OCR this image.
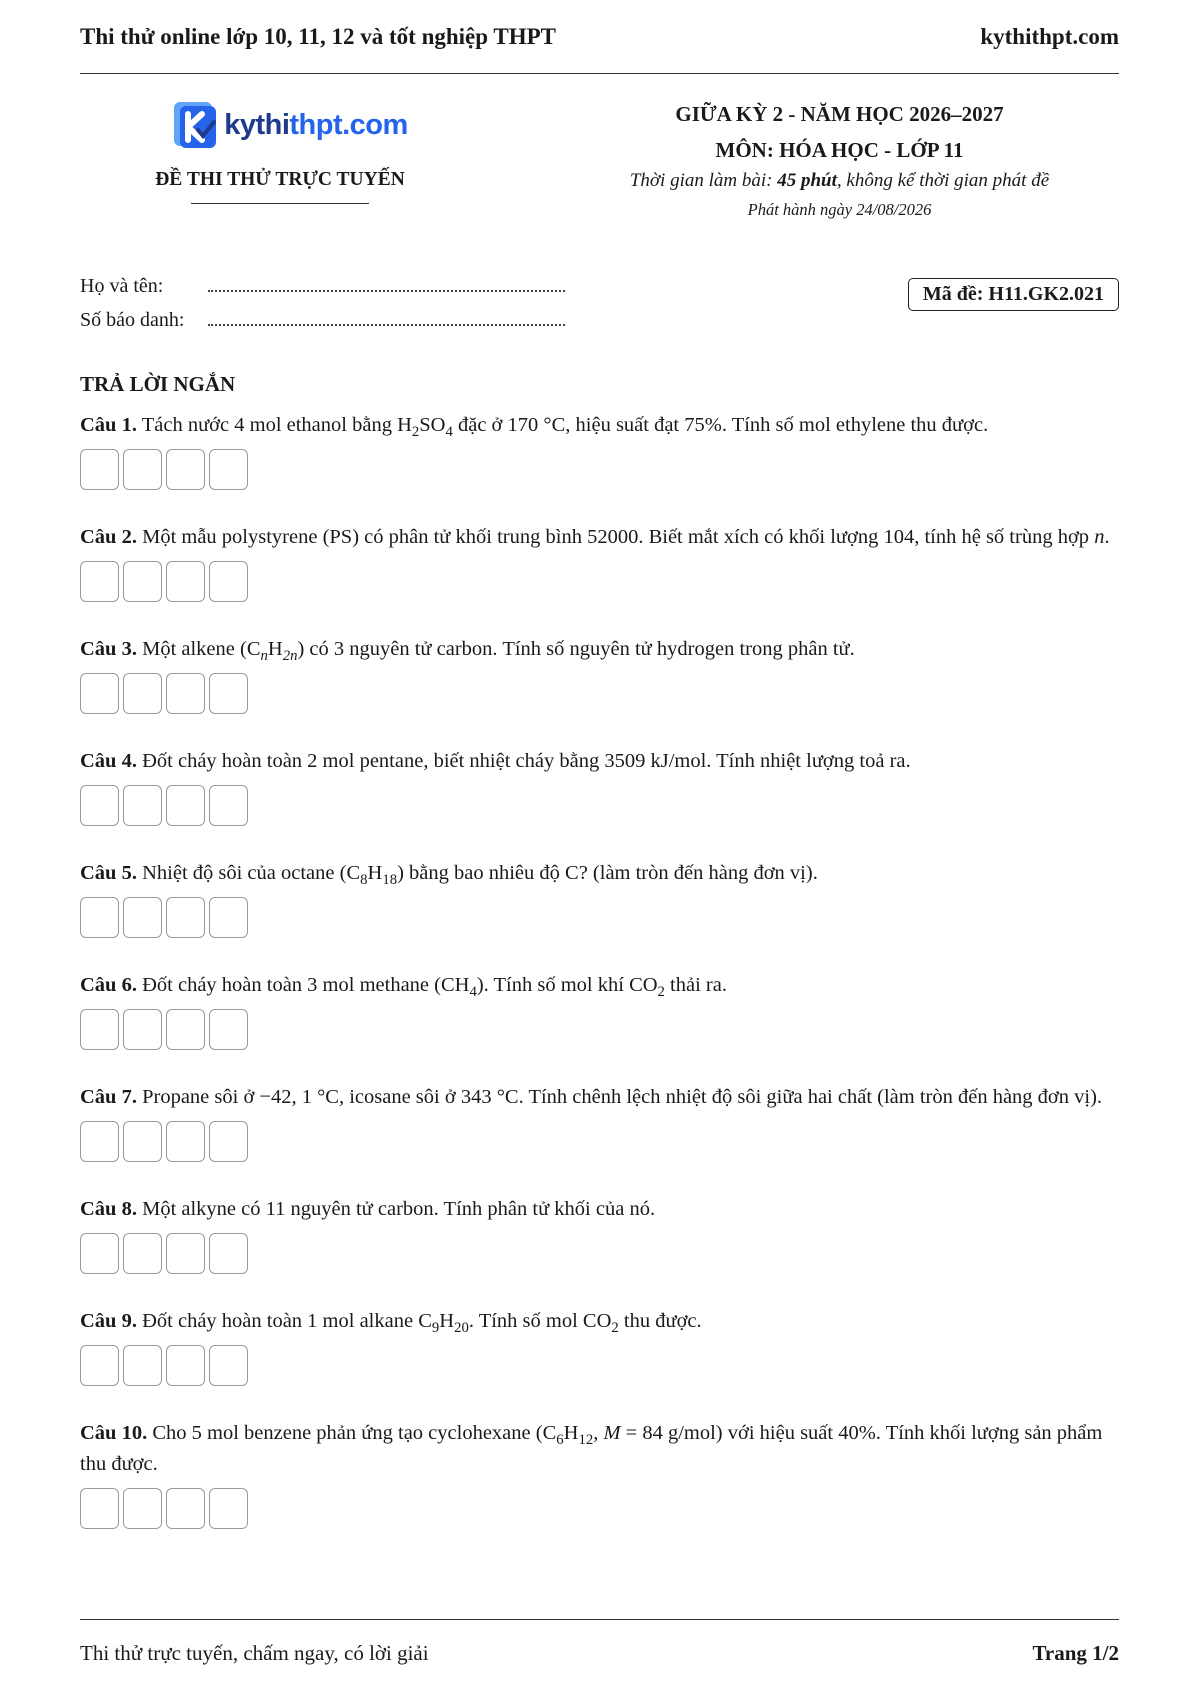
Thi thử online lớp 10, 11, 12 và tốt nghiệp THPT	kythithpt.com
kythithpt.com
ĐỀ THI THỬ TRỰC TUYẾN
GIỮA KỲ 2 - NĂM HỌC 2026–2027
MÔN: HÓA HỌC - LỚP 11
Thời gian làm bài: 45 phút, không kể thời gian phát đề
Phát hành ngày 24/08/2026
Họ và tên:
Số báo danh:
Mã đề: H11.GK2.021
TRẢ LỜI NGẮN
Câu 1. Tách nước 4 mol ethanol bằng $H_2SO_4$ đặc ở 170 °C, hiệu suất đạt 75%. Tính số mol ethylene thu được.
Câu 2. Một mẫu polystyrene (PS) có phân tử khối trung bình 52000. Biết mắt xích có khối lượng 104, tính hệ số trùng hợp n.
Câu 3. Một alkene $(C_nH_{2n})$ có 3 nguyên tử carbon. Tính số nguyên tử hydrogen trong phân tử.
Câu 4. Đốt cháy hoàn toàn 2 mol pentane, biết nhiệt cháy bằng 3509 kJ/mol. Tính nhiệt lượng toả ra.
Câu 5. Nhiệt độ sôi của octane $(C_8H_{18})$ bằng bao nhiêu độ C? (làm tròn đến hàng đơn vị).
Câu 6. Đốt cháy hoàn toàn 3 mol methane $(CH_4)$. Tính số mol khí $CO_2$ thải ra.
Câu 7. Propane sôi ở −42, 1 °C, icosane sôi ở 343 °C. Tính chênh lệch nhiệt độ sôi giữa hai chất (làm tròn đến hàng đơn vị).
Câu 8. Một alkyne có 11 nguyên tử carbon. Tính phân tử khối của nó.
Câu 9. Đốt cháy hoàn toàn 1 mol alkane $C_9H_{20}$. Tính số mol $CO_2$ thu được.
Câu 10. Cho 5 mol benzene phản ứng tạo cyclohexane ($C_6H_{12}$, M = 84 g/mol) với hiệu suất 40%. Tính khối lượng sản phẩm thu được.
Thi thử trực tuyến, chấm ngay, có lời giải	Trang 1/2
